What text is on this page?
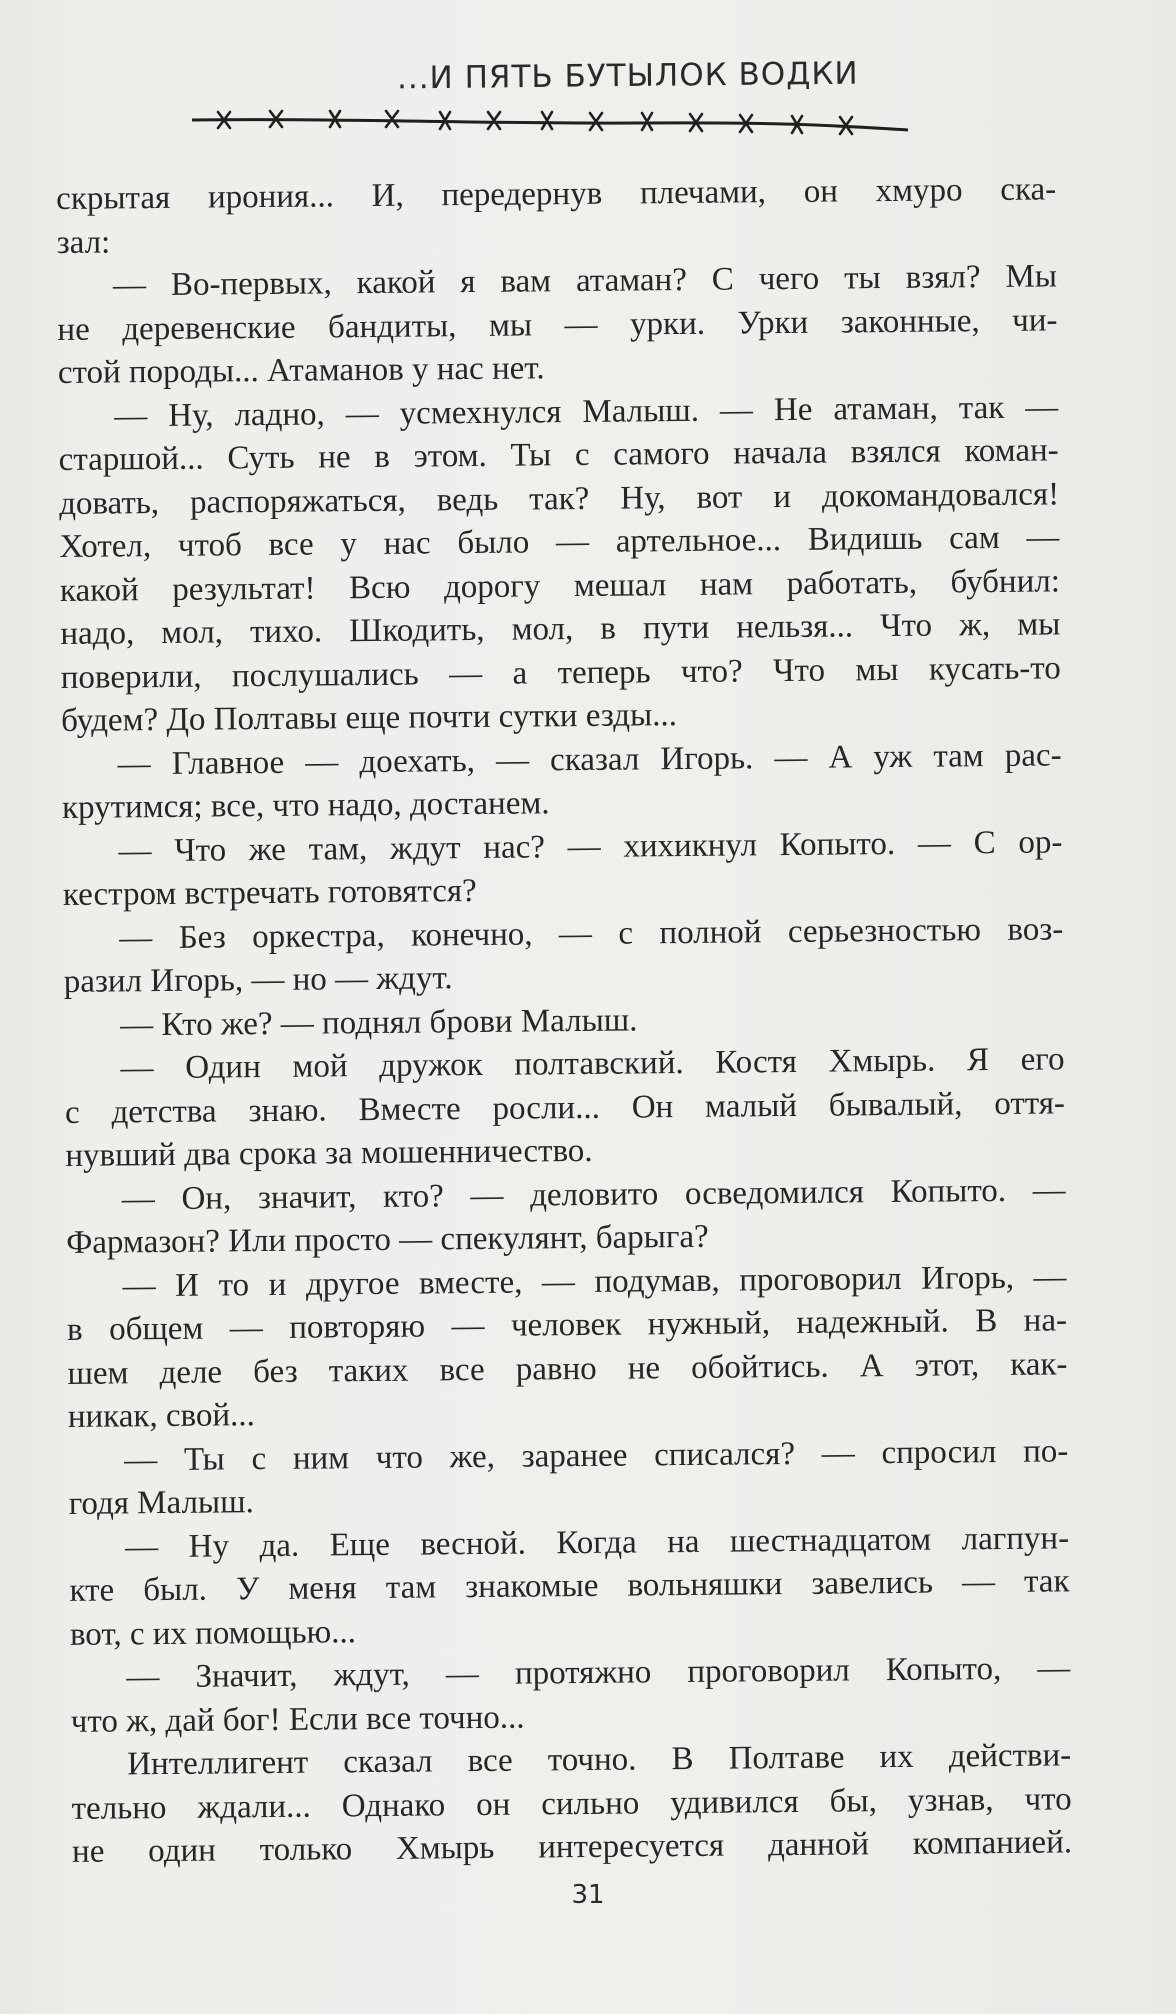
...И ПЯТЬ БУТЫЛОК ВОДКИ
скрытая ирония... И, передернув плечами, он хмуро ска-
зал:
— Во-первых, какой я вам атаман? С чего ты взял? Мы
не деревенские бандиты, мы — урки. Урки законные, чи-
стой породы... Атаманов у нас нет.
— Ну, ладно, — усмехнулся Малыш. — Не атаман, так —
старшой... Суть не в этом. Ты с самого начала взялся коман-
довать, распоряжаться, ведь так? Ну, вот и докомандовался!
Хотел, чтоб все у нас было — артельное... Видишь сам —
какой результат! Всю дорогу мешал нам работать, бубнил:
надо, мол, тихо. Шкодить, мол, в пути нельзя... Что ж, мы
поверили, послушались — а теперь что? Что мы кусать-то
будем? До Полтавы еще почти сутки езды...
— Главное — доехать, — сказал Игорь. — А уж там рас-
крутимся; все, что надо, достанем.
— Что же там, ждут нас? — хихикнул Копыто. — С ор-
кестром встречать готовятся?
— Без оркестра, конечно, — с полной серьезностью воз-
разил Игорь, — но — ждут.
— Кто же? — поднял брови Малыш.
— Один мой дружок полтавский. Костя Хмырь. Я его
с детства знаю. Вместе росли... Он малый бывалый, оття-
нувший два срока за мошенничество.
— Он, значит, кто? — деловито осведомился Копыто. —
Фармазон? Или просто — спекулянт, барыга?
— И то и другое вместе, — подумав, проговорил Игорь, —
в общем — повторяю — человек нужный, надежный. В на-
шем деле без таких все равно не обойтись. А этот, как-
никак, свой...
— Ты с ним что же, заранее списался? — спросил по-
годя Малыш.
— Ну да. Еще весной. Когда на шестнадцатом лагпун-
кте был. У меня там знакомые вольняшки завелись — так
вот, с их помощью...
— Значит, ждут, — протяжно проговорил Копыто, —
что ж, дай бог! Если все точно...
Интеллигент сказал все точно. В Полтаве их действи-
тельно ждали... Однако он сильно удивился бы, узнав, что
не один только Хмырь интересуется данной компанией.
31
